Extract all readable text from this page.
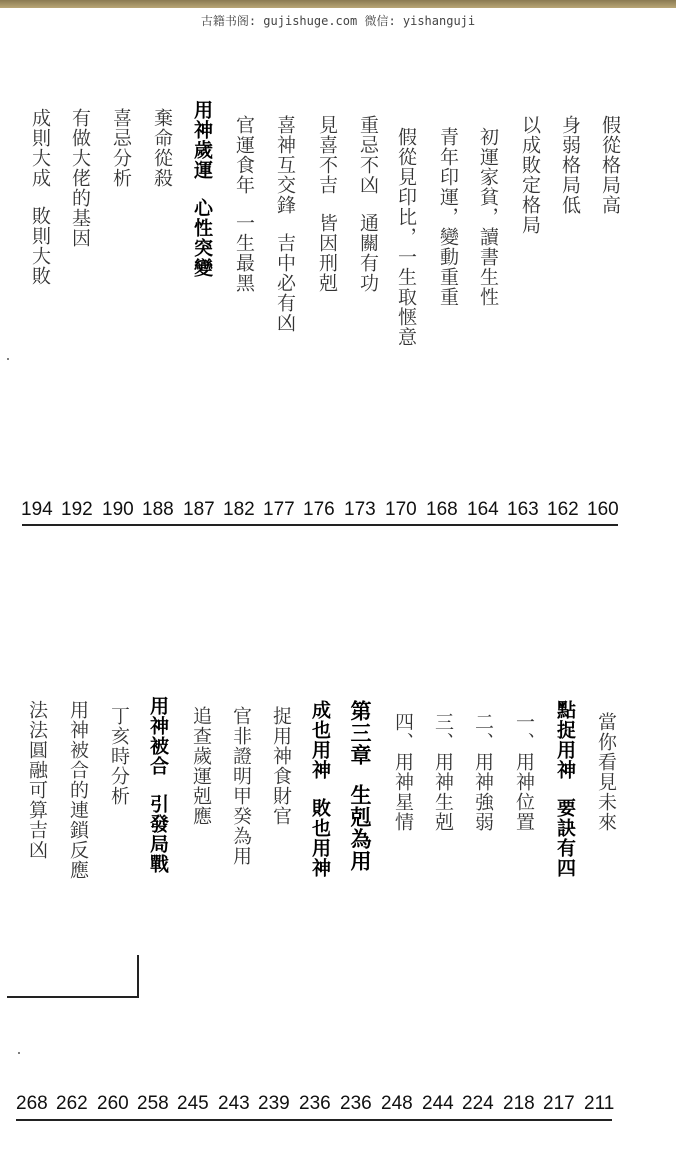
古籍书阁: gujishuge.com 微信: yishanguji
假從格局高
身弱格局低
以成敗定格局
初運家貧，讀書生性
青年印運，變動重重
假從見印比，一生取惬意
重忌不凶通關有功
見喜不吉皆因刑剋
喜神互交鋒吉中必有凶
官運食年一生最黑
用神歲運心性突變
棄命從殺
喜忌分析
有做大佬的基因
成則大成敗則大敗
160
162
163
164
168
170
173
176
177
182
187
188
190
192
194
當你看見未來
點捉用神要訣有四
一、用神位置
二、用神強弱
三、用神生剋
四、用神星情
第三章生剋為用
成也用神敗也用神
捉用神食財官
官非證明甲癸為用
追查歲運剋應
用神被合引發局戰
丁亥時分析
用神被合的連鎖反應
法法圓融可算吉凶
211
217
218
224
244
248
236
236
239
243
245
258
260
262
268
